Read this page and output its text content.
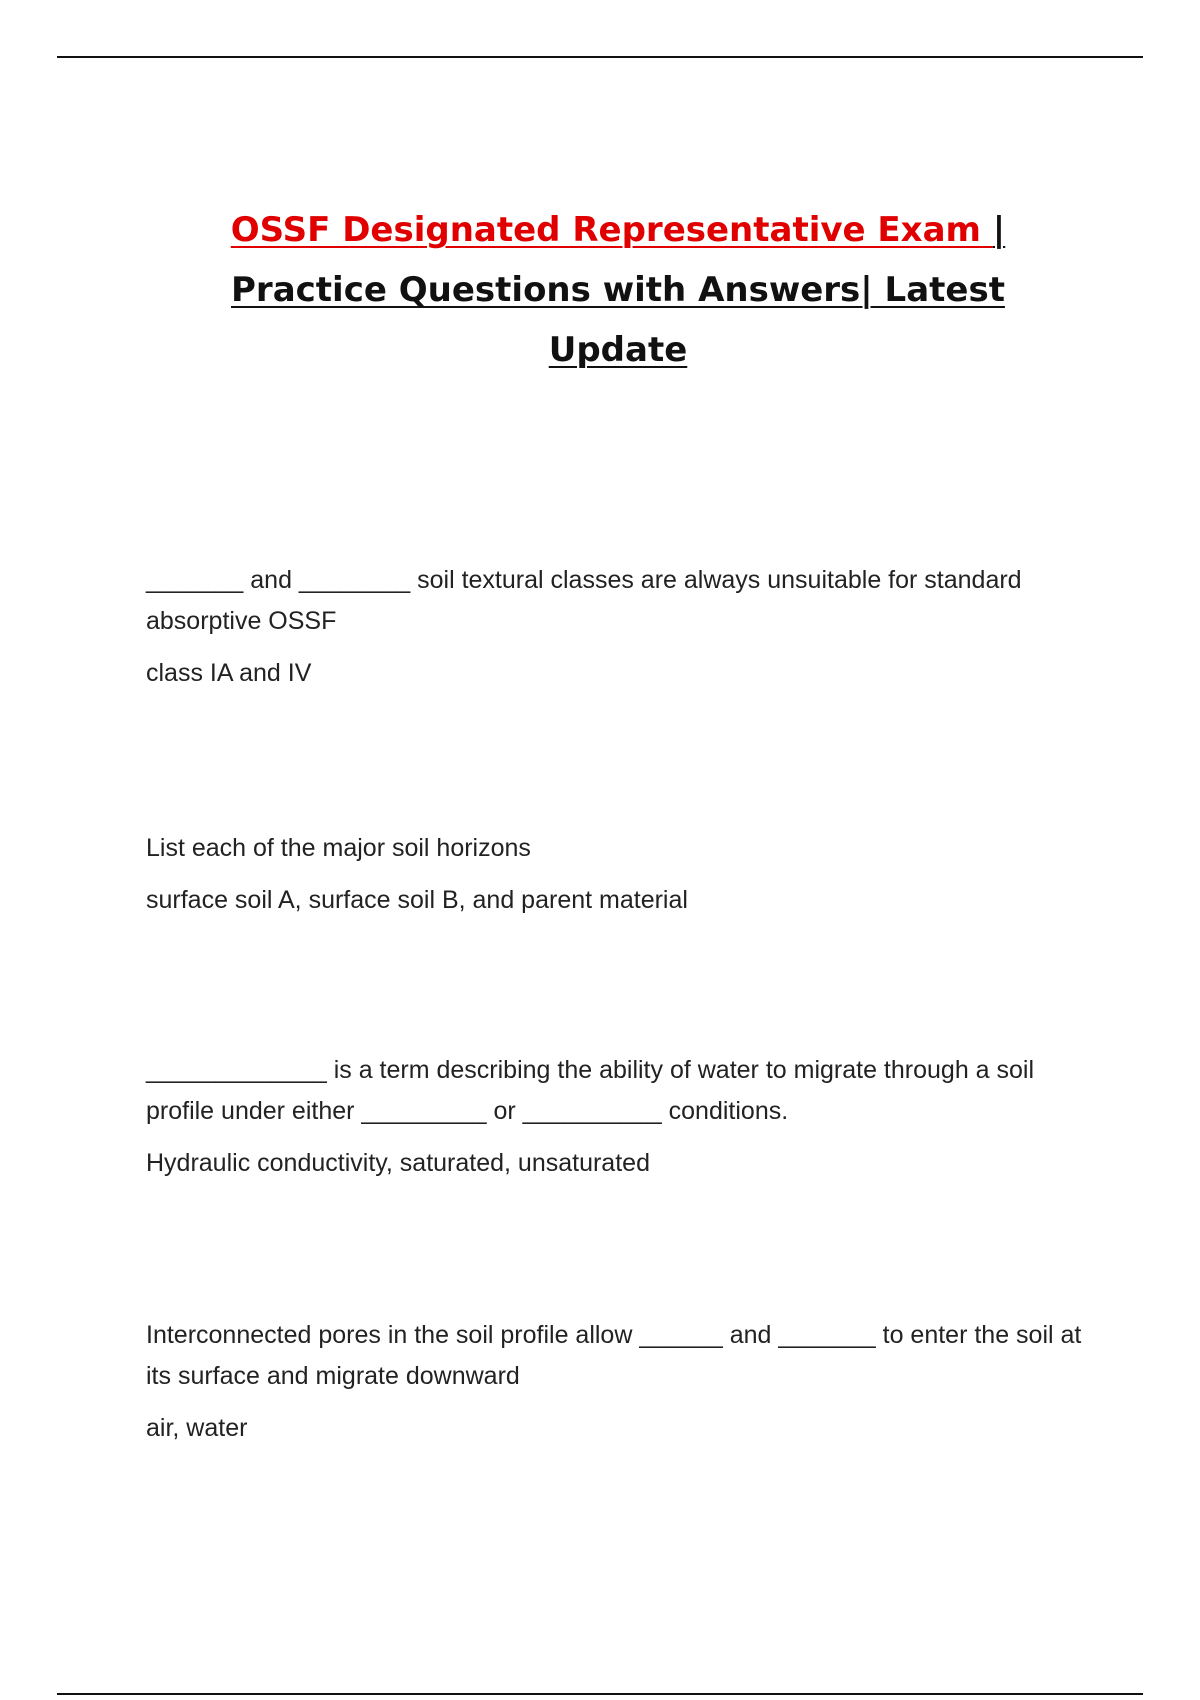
OSSF Designated Representative Exam |
Practice Questions with Answers| Latest
Update

_______ and ________ soil textural classes are always unsuitable for standard absorptive OSSF

class IA and IV

List each of the major soil horizons

surface soil A, surface soil B, and parent material

_____________ is a term describing the ability of water to migrate through a soil profile under either _________ or __________ conditions.

Hydraulic conductivity, saturated, unsaturated

Interconnected pores in the soil profile allow ______ and _______ to enter the soil at its surface and migrate downward

air, water
